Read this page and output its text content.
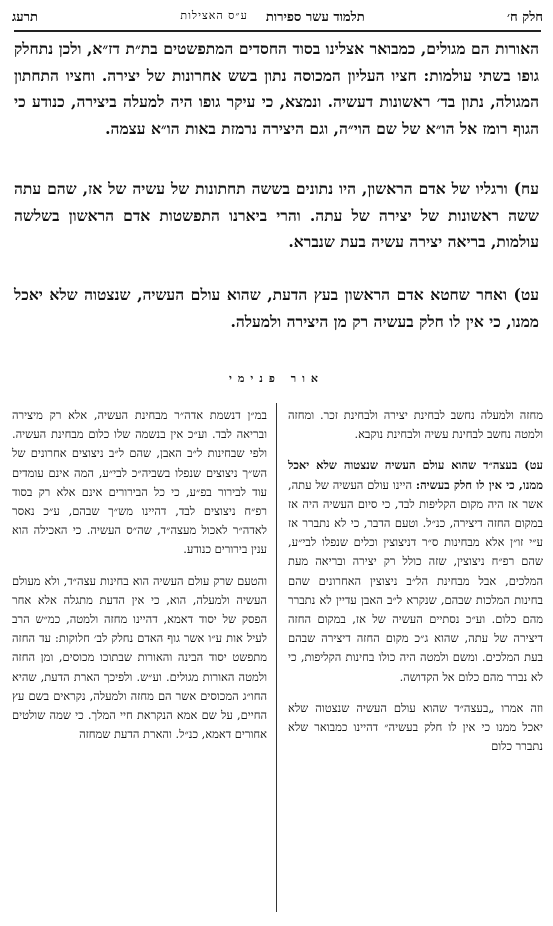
חלק ח׳
תלמוד עשר ספירות
ע״ס האצילות
תרעג

האורות הם מגולים, כמבואר אצלינו בסוד החסדים המתפשטים בת״ת דז״א, ולכן נתחלק גופו בשתי עולמות: חציו העליון המכוסה נתון בשש אחרונות של יצירה. וחציו התחתון המגולה, נתון בד׳ ראשונות דעשיה. ונמצא, כי עיקר גופו היה למעלה ביצירה, כנודע כי הגוף רומז אל הו״א של שם הוי״ה, וגם היצירה נרמזת באות הו״א עצמה.

עח) ורגליו של אדם הראשון, היו נתונים בששה תחתונות של עשיה של אז, שהם עתה ששה ראשונות של יצירה של עתה. והרי ביארנו התפשטות אדם הראשון בשלשה עולמות, בריאה יצירה עשיה בעת שנברא.

עט) ואחר שחטא אדם הראשון בעץ הדעת, שהוא עולם העשיה, שנצטוה שלא יאכל ממנו, כי אין לו חלק בעשיה רק מן היצירה ולמעלה.

אור פנימי

מחזה ולמעלה נחשב לבחינת יצירה ולבחינת זכר. ומחזה ולמטה נחשב לבחינת עשיה ולבחינת נוקבא.

עט) בעצה״ד שהוא עולם העשיה שנצטוה שלא יאכל ממנו, כי אין לו חלק בעשיה: היינו עולם העשיה של עתה, אשר אז היה מקום הקליפות לבד, כי סיום העשיה היה אז במקום החזה דיצירה, כנ״ל. וטעם הדבר, כי לא נתברר אז ע״י זו״ן אלא מבחינות ס״ר דניצוצין וכלים שנפלו לבי״ע, שהם רפ״ח ניצוצין, שזה כולל רק יצירה ובריאה מעת המלכים, אבל מבחינת הל״ב ניצוצין האחרונים שהם בחינות המלכות שבהם, שנקרא ל״ב האבן עדיין לא נתברר מהם כלום. וע״כ נסתיים העשיה של אז, במקום החזה דיצירה של עתה, שהוא ג״כ מקום החזה דיצירה שבהם בעת המלכים. ומשם ולמטה היה כולו בחינות הקליפות, כי לא נברר מהם כלום אל הקדושה.

וזה אמרו „בעצה״ד שהוא עולם העשיה שנצטוה שלא יאכל ממנו כי אין לו חלק בעשיה״ דהיינו כמבואר שלא נתברר כלום

במ״ן דנשמת אדה״ר מבחינת העשיה, אלא רק מיצירה ובריאה לבד. וע״כ אין בנשמה שלו כלום מבחינת העשיה. ולפי שבחינות ל״ב האבן, שהם ל״ב ניצוצים אחרונים של הש״ך ניצוצים שנפלו בשביה״כ לבי״ע, המה אינם עומדים עוד לבירור בפ״ע, כי כל הבירורים אינם אלא רק בסוד רפ״ח ניצוצים לבד, דהיינו מש״ך שבהם, ע״כ נאסר לאדה״ר לאכול מעצה״ד, שה״ס העשיה. כי האכילה הוא ענין בירורים כנודע.

והטעם שרק עולם העשיה הוא בחינות עצה״ד, ולא מעולם העשיה ולמעלה, הוא, כי אין הדעת מתגלה אלא אחר הפסק של יסוד דאמא, דהיינו מחזה ולמטה, כמ״ש הרב לעיל אות ע״ו אשר גוף האדם נחלק לב׳ חלוקות: עד החזה מתפשט יסוד הבינה והאורות שבתוכו מכוסים, ומן החזה ולמטה האורות מגולים. וע״ש. ולפיכך הארת הדעת, שהיא החו״ג המכוסים אשר הם מחזה ולמעלה, נקראים בשם עץ החיים, על שם אמא הנקראת חיי המלך. כי שמה שולטים אחורים דאמא, כנ״ל. והארת הדעת שמחזה
